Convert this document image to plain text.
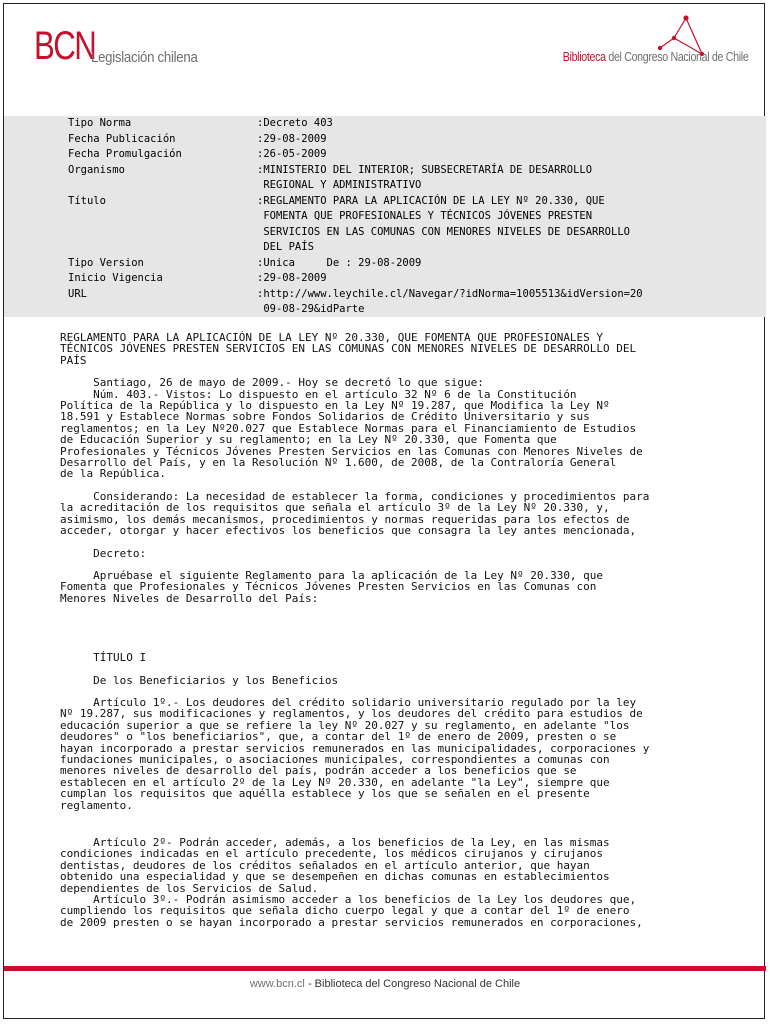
BCN
Legislación chilena	Biblioteca del Congreso Nacional de Chile
Tipo Norma	:Decreto 403
Fecha Publicación	:29-08-2009
Fecha Promulgación	:26-05-2009
Organismo	:MINISTERIO DEL INTERIOR; SUBSECRETARÍA DE DESARROLLO
REGIONAL Y ADMINISTRATIVO
Título	:REGLAMENTO PARA LA APLICACIÓN DE LA LEY Nº 20.330, QUE
FOMENTA QUE PROFESIONALES Y TÉCNICOS JÓVENES PRESTEN
SERVICIOS EN LAS COMUNAS CON MENORES NIVELES DE DESARROLLO
DEL PAÍS
Tipo Version	:Unica     De : 29-08-2009
Inicio Vigencia	:29-08-2009
URL	:http://www.leychile.cl/Navegar/?idNorma=1005513&idVersion=20
09-08-29&idParte

REGLAMENTO PARA LA APLICACIÓN DE LA LEY Nº 20.330, QUE FOMENTA QUE PROFESIONALES Y
TÉCNICOS JÓVENES PRESTEN SERVICIOS EN LAS COMUNAS CON MENORES NIVELES DE DESARROLLO DEL
PAÍS

Santiago, 26 de mayo de 2009.- Hoy se decretó lo que sigue:
Núm. 403.- Vistos: Lo dispuesto en el artículo 32 Nº 6 de la Constitución
Política de la República y lo dispuesto en la Ley Nº 19.287, que Modifica la Ley Nº
18.591 y Establece Normas sobre Fondos Solidarios de Crédito Universitario y sus
reglamentos; en la Ley Nº20.027 que Establece Normas para el Financiamiento de Estudios
de Educación Superior y su reglamento; en la Ley Nº 20.330, que Fomenta que
Profesionales y Técnicos Jóvenes Presten Servicios en las Comunas con Menores Niveles de
Desarrollo del País, y en la Resolución Nº 1.600, de 2008, de la Contraloría General
de la República.

Considerando: La necesidad de establecer la forma, condiciones y procedimientos para
la acreditación de los requisitos que señala el artículo 3º de la Ley Nº 20.330, y,
asimismo, los demás mecanismos, procedimientos y normas requeridas para los efectos de
acceder, otorgar y hacer efectivos los beneficios que consagra la ley antes mencionada,

Decreto:

Apruébase el siguiente Reglamento para la aplicación de la Ley Nº 20.330, que
Fomenta que Profesionales y Técnicos Jóvenes Presten Servicios en las Comunas con
Menores Niveles de Desarrollo del País:

TÍTULO I

De los Beneficiarios y los Beneficios

Artículo 1º.- Los deudores del crédito solidario universitario regulado por la ley
Nº 19.287, sus modificaciones y reglamentos, y los deudores del crédito para estudios de
educación superior a que se refiere la ley Nº 20.027 y su reglamento, en adelante "los
deudores" o "los beneficiarios", que, a contar del 1º de enero de 2009, presten o se
hayan incorporado a prestar servicios remunerados en las municipalidades, corporaciones y
fundaciones municipales, o asociaciones municipales, correspondientes a comunas con
menores niveles de desarrollo del país, podrán acceder a los beneficios que se
establecen en el artículo 2º de la Ley Nº 20.330, en adelante "la Ley", siempre que
cumplan los requisitos que aquélla establece y los que se señalen en el presente
reglamento.

Artículo 2º- Podrán acceder, además, a los beneficios de la Ley, en las mismas
condiciones indicadas en el artículo precedente, los médicos cirujanos y cirujanos
dentistas, deudores de los créditos señalados en el artículo anterior, que hayan
obtenido una especialidad y que se desempeñen en dichas comunas en establecimientos
dependientes de los Servicios de Salud.
Artículo 3º.- Podrán asimismo acceder a los beneficios de la Ley los deudores que,
cumpliendo los requisitos que señala dicho cuerpo legal y que a contar del 1º de enero
de 2009 presten o se hayan incorporado a prestar servicios remunerados en corporaciones,

www.bcn.cl - Biblioteca del Congreso Nacional de Chile
